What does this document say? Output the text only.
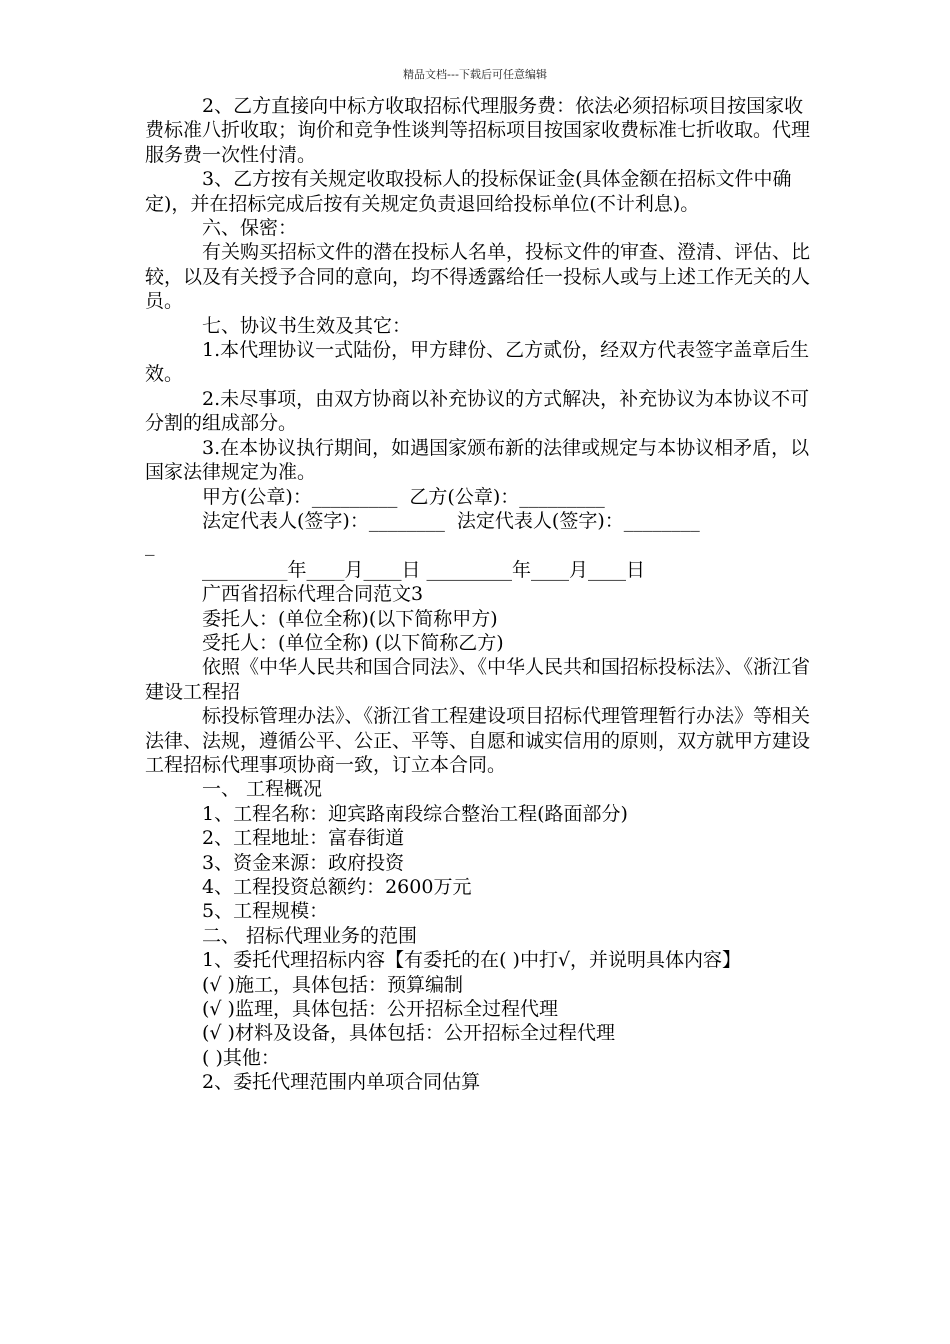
精品文档---下载后可任意编辑

2、乙方直接向中标方收取招标代理服务费：依法必须招标项目按国家收费标准八折收取；询价和竞争性谈判等招标项目按国家收费标准七折收取。代理服务费一次性付清。

3、乙方按有关规定收取投标人的投标保证金(具体金额在招标文件中确定)，并在招标完成后按有关规定负责退回给投标单位(不计利息)。

六、保密：

有关购买招标文件的潜在投标人名单，投标文件的审查、澄清、评估、比较，以及有关授予合同的意向，均不得透露给任一投标人或与上述工作无关的人员。

七、协议书生效及其它：

1.本代理协议一式陆份，甲方肆份、乙方贰份，经双方代表签字盖章后生效。

2.未尽事项，由双方协商以补充协议的方式解决，补充协议为本协议不可分割的组成部分。

3.在本协议执行期间，如遇国家颁布新的法律或规定与本协议相矛盾，以国家法律规定为准。

甲方(公章)：_________  乙方(公章)：_________

法定代表人(签字)：________  法定代表人(签字)：________

_

_________年____月____日 _________年____月____日

广西省招标代理合同范文3

委托人：(单位全称)(以下简称甲方)

受托人：(单位全称) (以下简称乙方)

依照《中华人民共和国合同法》、《中华人民共和国招标投标法》、《浙江省建设工程招

标投标管理办法》、《浙江省工程建设项目招标代理管理暂行办法》等相关法律、法规，遵循公平、公正、平等、自愿和诚实信用的原则，双方就甲方建设工程招标代理事项协商一致，订立本合同。

一、 工程概况

1、工程名称：迎宾路南段综合整治工程(路面部分)

2、工程地址：富春街道

3、资金来源：政府投资

4、工程投资总额约：2600万元

5、工程规模：

二、 招标代理业务的范围

1、委托代理招标内容【有委托的在( )中打√，并说明具体内容】

(√ )施工，具体包括：预算编制

(√ )监理，具体包括：公开招标全过程代理

(√ )材料及设备，具体包括：公开招标全过程代理

( )其他：

2、委托代理范围内单项合同估算
